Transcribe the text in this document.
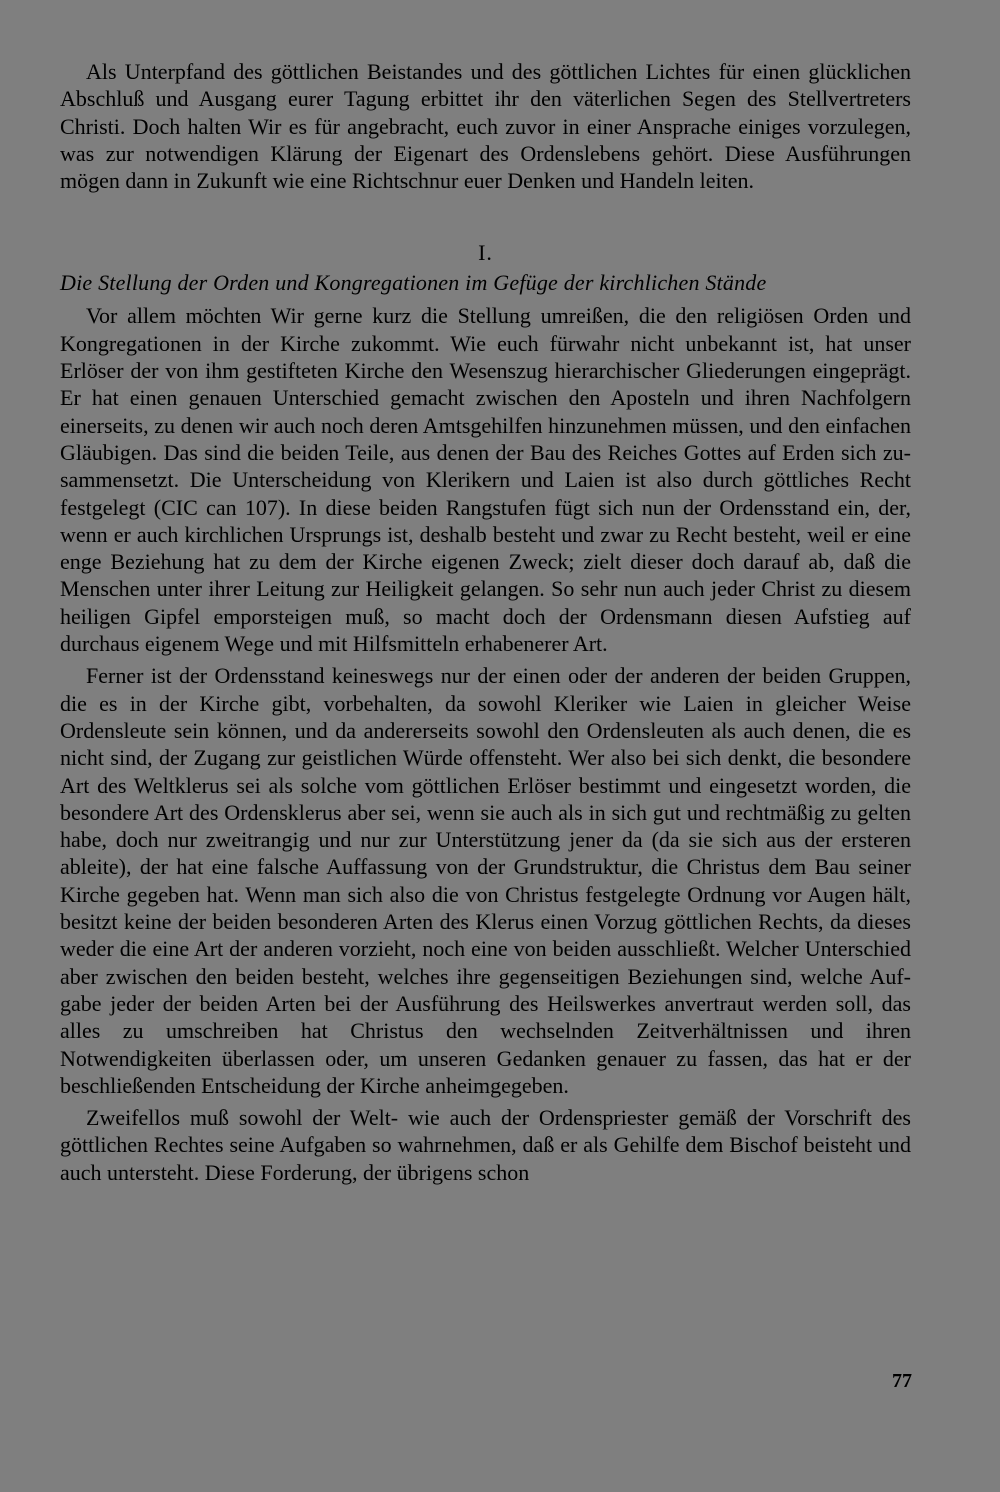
Als Unterpfand des göttlichen Beistandes und des göttlichen Lichtes für einen glücklichen Abschluß und Ausgang eurer Tagung erbittet ihr den väterlichen Segen des Stellvertreters Christi. Doch halten Wir es für angebracht, euch zuvor in einer Ansprache einiges vorzulegen, was zur notwendigen Klärung der Eigenart des Ordenslebens gehört. Diese Ausführungen mögen dann in Zukunft wie eine Richtschnur euer Denken und Handeln leiten.

I.
Die Stellung der Orden und Kongregationen im Gefüge der kirchlichen Stände

Vor allem möchten Wir gerne kurz die Stellung umreißen, die den religiösen Orden und Kongregationen in der Kirche zukommt. Wie euch fürwahr nicht unbekannt ist, hat unser Erlöser der von ihm gestifteten Kirche den Wesenszug hierarchischer Gliederungen eingeprägt. Er hat einen genauen Unterschied gemacht zwischen den Aposteln und ihren Nachfolgern einerseits, zu denen wir auch noch deren Amtsgehilfen hinzunehmen müssen, und den einfachen Gläubigen. Das sind die beiden Teile, aus denen der Bau des Reiches Gottes auf Erden sich zusammensetzt. Die Unterscheidung von Klerikern und Laien ist also durch göttliches Recht festgelegt (CIC can 107). In diese beiden Rangstufen fügt sich nun der Ordensstand ein, der, wenn er auch kirchlichen Ursprungs ist, deshalb besteht und zwar zu Recht besteht, weil er eine enge Beziehung hat zu dem der Kirche eigenen Zweck; zielt dieser doch darauf ab, daß die Menschen unter ihrer Leitung zur Heiligkeit gelangen. So sehr nun auch jeder Christ zu diesem heiligen Gipfel emporsteigen muß, so macht doch der Ordensmann diesen Aufstieg auf durchaus eigenem Wege und mit Hilfsmitteln erhabenerer Art.

Ferner ist der Ordensstand keineswegs nur der einen oder der anderen der beiden Gruppen, die es in der Kirche gibt, vorbehalten, da sowohl Kleriker wie Laien in gleicher Weise Ordensleute sein können, und da andererseits sowohl den Ordensleuten als auch denen, die es nicht sind, der Zugang zur geistlichen Würde offensteht. Wer also bei sich denkt, die besondere Art des Weltklerus sei als solche vom göttlichen Erlöser bestimmt und eingesetzt worden, die besondere Art des Ordensklerus aber sei, wenn sie auch als in sich gut und rechtmäßig zu gelten habe, doch nur zweitrangig und nur zur Unterstützung jener da (da sie sich aus der ersteren ableite), der hat eine falsche Auffassung von der Grundstruktur, die Christus dem Bau seiner Kirche gegeben hat. Wenn man sich also die von Christus festgelegte Ordnung vor Augen hält, besitzt keine der beiden besonderen Arten des Klerus einen Vorzug göttlichen Rechts, da dieses weder die eine Art der anderen vorzieht, noch eine von beiden ausschließt. Welcher Unterschied aber zwischen den beiden besteht, welches ihre gegenseitigen Beziehungen sind, welche Aufgabe jeder der beiden Arten bei der Ausführung des Heilswerkes anvertraut werden soll, das alles zu umschreiben hat Christus den wechselnden Zeitverhältnissen und ihren Notwendigkeiten überlassen oder, um unseren Gedanken genauer zu fassen, das hat er der beschließenden Entscheidung der Kirche anheimgegeben.

Zweifellos muß sowohl der Welt- wie auch der Ordenspriester gemäß der Vorschrift des göttlichen Rechtes seine Aufgaben so wahrnehmen, daß er als Gehilfe dem Bischof beisteht und auch untersteht. Diese Forderung, der übrigens schon

77
